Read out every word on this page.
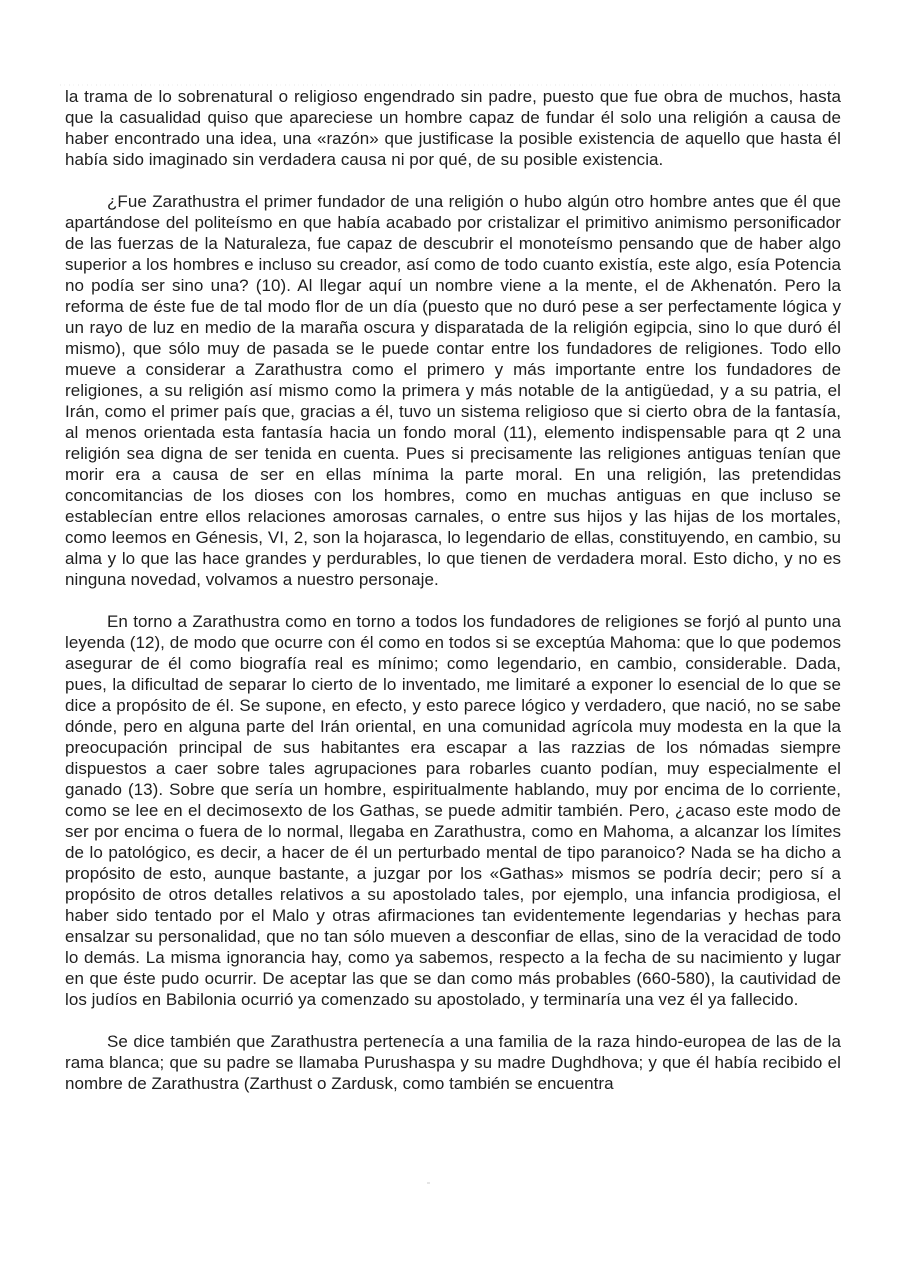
la trama de lo sobrenatural o religioso engendrado sin padre, puesto que fue obra de muchos, hasta que la casualidad quiso que apareciese un hombre capaz de fundar él solo una religión a causa de haber encontrado una idea, una «razón» que justificase la posible existencia de aquello que hasta él había sido imaginado sin verdadera causa ni por qué, de su posible existencia.

¿Fue Zarathustra el primer fundador de una religión o hubo algún otro hombre antes que él que apartándose del politeísmo en que había acabado por cristalizar el primitivo animismo personificador de las fuerzas de la Naturaleza, fue capaz de descubrir el monoteísmo pensando que de haber algo superior a los hombres e incluso su creador, así como de todo cuanto existía, este algo, esía Potencia no podía ser sino una? (10). Al llegar aquí un nombre viene a la mente, el de Akhenatón. Pero la reforma de éste fue de tal modo flor de un día (puesto que no duró pese a ser perfectamente lógica y un rayo de luz en medio de la maraña oscura y disparatada de la religión egipcia, sino lo que duró él mismo), que sólo muy de pasada se le puede contar entre los fundadores de religiones. Todo ello mueve a considerar a Zarathustra como el primero y más importante entre los fundadores de religiones, a su religión así mismo como la primera y más notable de la antigüedad, y a su patria, el Irán, como el primer país que, gracias a él, tuvo un sistema religioso que si cierto obra de la fantasía, al menos orientada esta fantasía hacia un fondo moral (11), elemento indispensable para qt 2 una religión sea digna de ser tenida en cuenta. Pues si precisamente las religiones antiguas tenían que morir era a causa de ser en ellas mínima la parte moral. En una religión, las pretendidas concomitancias de los dioses con los hombres, como en muchas antiguas en que incluso se establecían entre ellos relaciones amorosas carnales, o entre sus hijos y las hijas de los mortales, como leemos en Génesis, VI, 2, son la hojarasca, lo legendario de ellas, constituyendo, en cambio, su alma y lo que las hace grandes y perdurables, lo que tienen de verdadera moral. Esto dicho, y no es ninguna novedad, volvamos a nuestro personaje.

En torno a Zarathustra como en torno a todos los fundadores de religiones se forjó al punto una leyenda (12), de modo que ocurre con él como en todos si se exceptúa Mahoma: que lo que podemos asegurar de él como biografía real es mínimo; como legendario, en cambio, considerable. Dada, pues, la dificultad de separar lo cierto de lo inventado, me limitaré a exponer lo esencial de lo que se dice a propósito de él. Se supone, en efecto, y esto parece lógico y verdadero, que nació, no se sabe dónde, pero en alguna parte del Irán oriental, en una comunidad agrícola muy modesta en la que la preocupación principal de sus habitantes era escapar a las razzias de los nómadas siempre dispuestos a caer sobre tales agrupaciones para robarles cuanto podían, muy especialmente el ganado (13). Sobre que sería un hombre, espiritualmente hablando, muy por encima de lo corriente, como se lee en el decimosexto de los Gathas, se puede admitir también. Pero, ¿acaso este modo de ser por encima o fuera de lo normal, llegaba en Zarathustra, como en Mahoma, a alcanzar los límites de lo patológico, es decir, a hacer de él un perturbado mental de tipo paranoico? Nada se ha dicho a propósito de esto, aunque bastante, a juzgar por los «Gathas» mismos se podría decir; pero sí a propósito de otros detalles relativos a su apostolado tales, por ejemplo, una infancia prodigiosa, el haber sido tentado por el Malo y otras afirmaciones tan evidentemente legendarias y hechas para ensalzar su personalidad, que no tan sólo mueven a desconfiar de ellas, sino de la veracidad de todo lo demás. La misma ignorancia hay, como ya sabemos, respecto a la fecha de su nacimiento y lugar en que éste pudo ocurrir. De aceptar las que se dan como más probables (660-580), la cautividad de los judíos en Babilonia ocurrió ya comenzado su apostolado, y terminaría una vez él ya fallecido.

Se dice también que Zarathustra pertenecía a una familia de la raza hindo-europea de las de la rama blanca; que su padre se llamaba Purushaspa y su madre Dughdhova; y que él había recibido el nombre de Zarathustra (Zarthust o Zardusk, como también se encuentra
